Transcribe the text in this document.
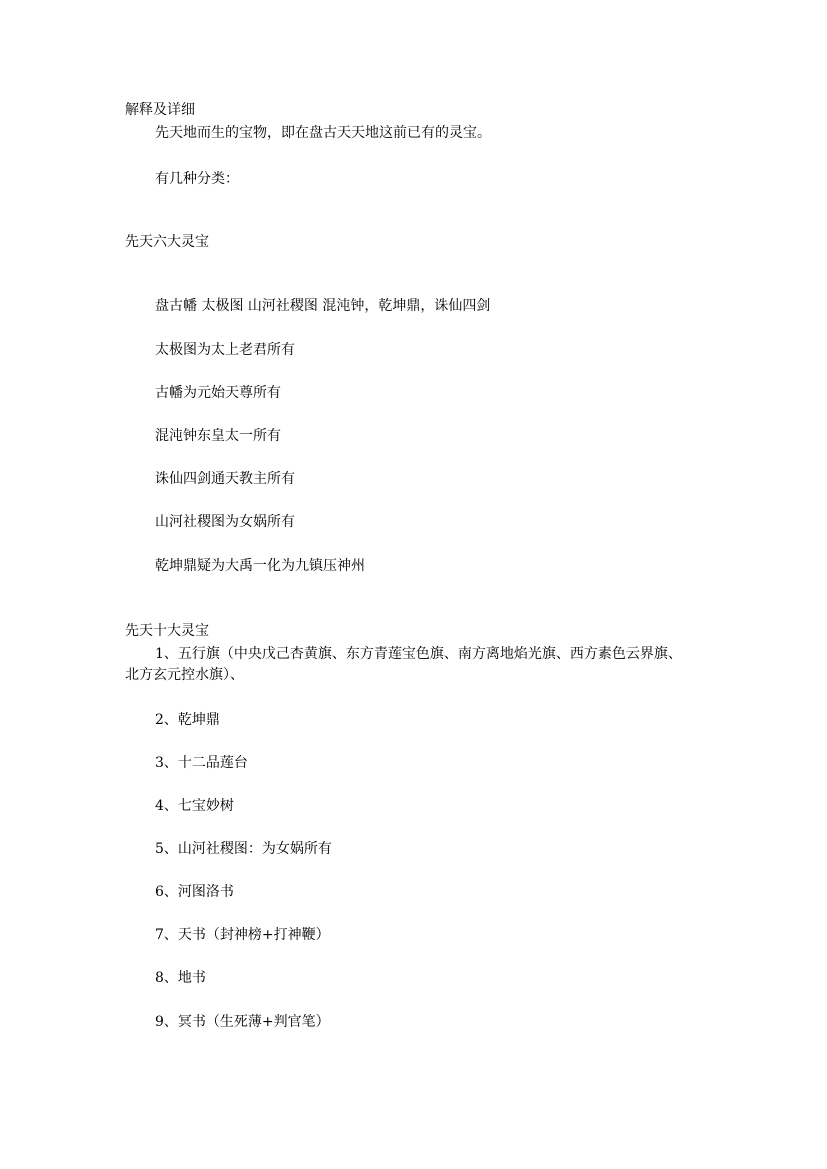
解释及详细
先天地而生的宝物，即在盘古天天地这前已有的灵宝。
有几种分类：
先天六大灵宝
盘古幡 太极图 山河社稷图 混沌钟，乾坤鼎，诛仙四剑
太极图为太上老君所有
古幡为元始天尊所有
混沌钟东皇太一所有
诛仙四剑通天教主所有
山河社稷图为女娲所有
乾坤鼎疑为大禹一化为九镇压神州
先天十大灵宝
1、五行旗（中央戊己杏黄旗、东方青莲宝色旗、南方离地焰光旗、西方素色云界旗、
北方玄元控水旗）、
2、乾坤鼎
3、十二品莲台
4、七宝妙树
5、山河社稷图：为女娲所有
6、河图洛书
7、天书（封神榜+打神鞭）
8、地书
9、冥书（生死薄+判官笔）
